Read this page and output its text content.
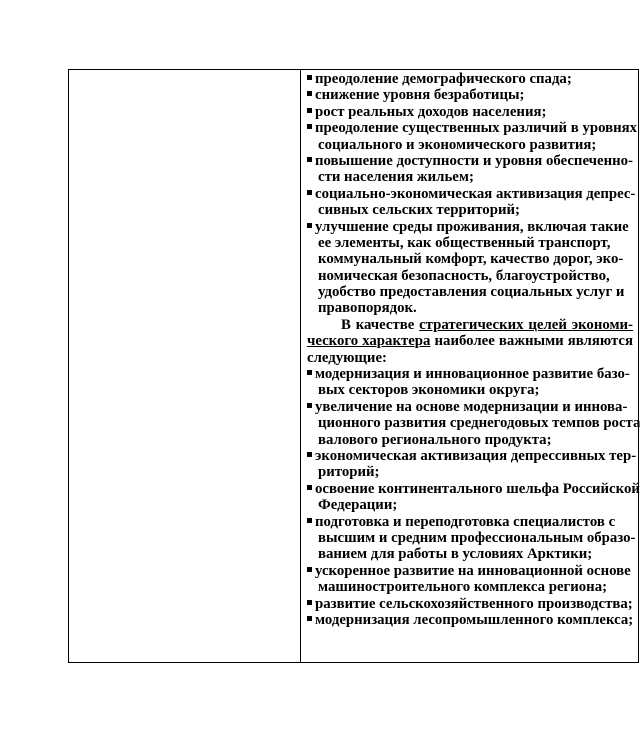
преодоление демографического спада;
снижение уровня безработицы;
рост реальных доходов населения;
преодоление существенных различий в уровнях
социального и экономического развития;
повышение доступности и уровня обеспеченно-
сти населения жильем;
социально-экономическая активизация депрес-
сивных сельских территорий;
улучшение среды проживания, включая такие
ее элементы, как общественный транспорт,
коммунальный комфорт, качество дорог, эко-
номическая безопасность, благоустройство,
удобство предоставления социальных услуг и
правопорядок.
В качестве стратегических целей экономи-
ческого характера наиболее важными являются
следующие:
модернизация и инновационное развитие базо-
вых секторов экономики округа;
увеличение на основе модернизации и иннова-
ционного развития среднегодовых темпов роста
валового регионального продукта;
экономическая активизация депрессивных тер-
риторий;
освоение континентального шельфа Российской
Федерации;
подготовка и переподготовка специалистов с
высшим и средним профессиональным образо-
ванием для работы в условиях Арктики;
ускоренное развитие на инновационной основе
машиностроительного комплекса региона;
развитие сельскохозяйственного производства;
модернизация лесопромышленного комплекса;
